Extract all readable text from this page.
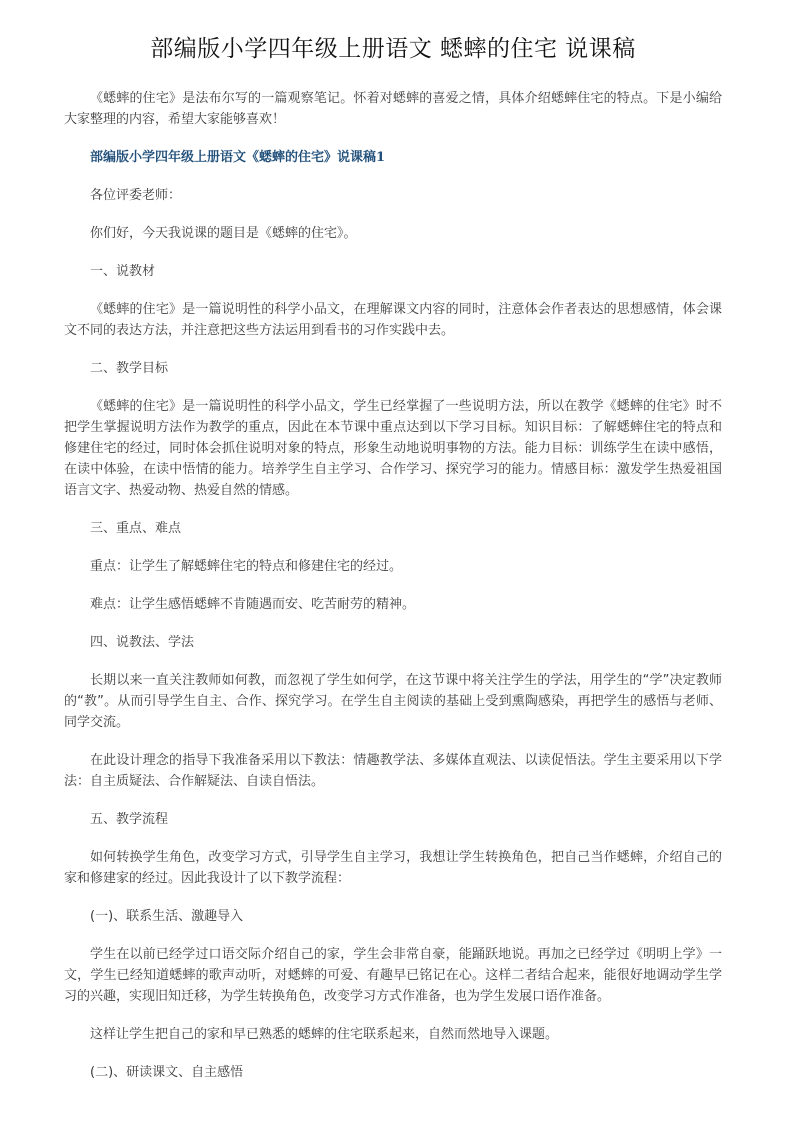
部编版小学四年级上册语文 蟋蟀的住宅 说课稿

《蟋蟀的住宅》是法布尔写的一篇观察笔记。怀着对蟋蟀的喜爱之情，具体介绍蟋蟀住宅的特点。下是小编给大家整理的内容，希望大家能够喜欢！

部编版小学四年级上册语文《蟋蟀的住宅》说课稿1

各位评委老师：

你们好，今天我说课的题目是《蟋蟀的住宅》。

一、说教材

《蟋蟀的住宅》是一篇说明性的科学小品文，在理解课文内容的同时，注意体会作者表达的思想感情，体会课文不同的表达方法，并注意把这些方法运用到看书的习作实践中去。

二、教学目标

《蟋蟀的住宅》是一篇说明性的科学小品文，学生已经掌握了一些说明方法，所以在教学《蟋蟀的住宅》时不把学生掌握说明方法作为教学的重点，因此在本节课中重点达到以下学习目标。知识目标：了解蟋蟀住宅的特点和修建住宅的经过，同时体会抓住说明对象的特点，形象生动地说明事物的方法。能力目标：训练学生在读中感悟，在读中体验，在读中悟情的能力。培养学生自主学习、合作学习、探究学习的能力。情感目标：激发学生热爱祖国语言文字、热爱动物、热爱自然的情感。

三、重点、难点

重点：让学生了解蟋蟀住宅的特点和修建住宅的经过。

难点：让学生感悟蟋蟀不肯随遇而安、吃苦耐劳的精神。

四、说教法、学法

长期以来一直关注教师如何教，而忽视了学生如何学，在这节课中将关注学生的学法，用学生的“学”决定教师的“教”。从而引导学生自主、合作、探究学习。在学生自主阅读的基础上受到熏陶感染，再把学生的感悟与老师、同学交流。

在此设计理念的指导下我准备采用以下教法：情趣教学法、多媒体直观法、以读促悟法。学生主要采用以下学法：自主质疑法、合作解疑法、自读自悟法。

五、教学流程

如何转换学生角色，改变学习方式，引导学生自主学习，我想让学生转换角色，把自己当作蟋蟀，介绍自己的家和修建家的经过。因此我设计了以下教学流程：

(一)、联系生活、激趣导入

学生在以前已经学过口语交际介绍自己的家，学生会非常自豪，能踊跃地说。再加之已经学过《明明上学》一文，学生已经知道蟋蟀的歌声动听，对蟋蟀的可爱、有趣早已铭记在心。这样二者结合起来，能很好地调动学生学习的兴趣，实现旧知迁移，为学生转换角色，改变学习方式作准备，也为学生发展口语作准备。

这样让学生把自己的家和早已熟悉的蟋蟀的住宅联系起来，自然而然地导入课题。

(二)、研读课文、自主感悟
